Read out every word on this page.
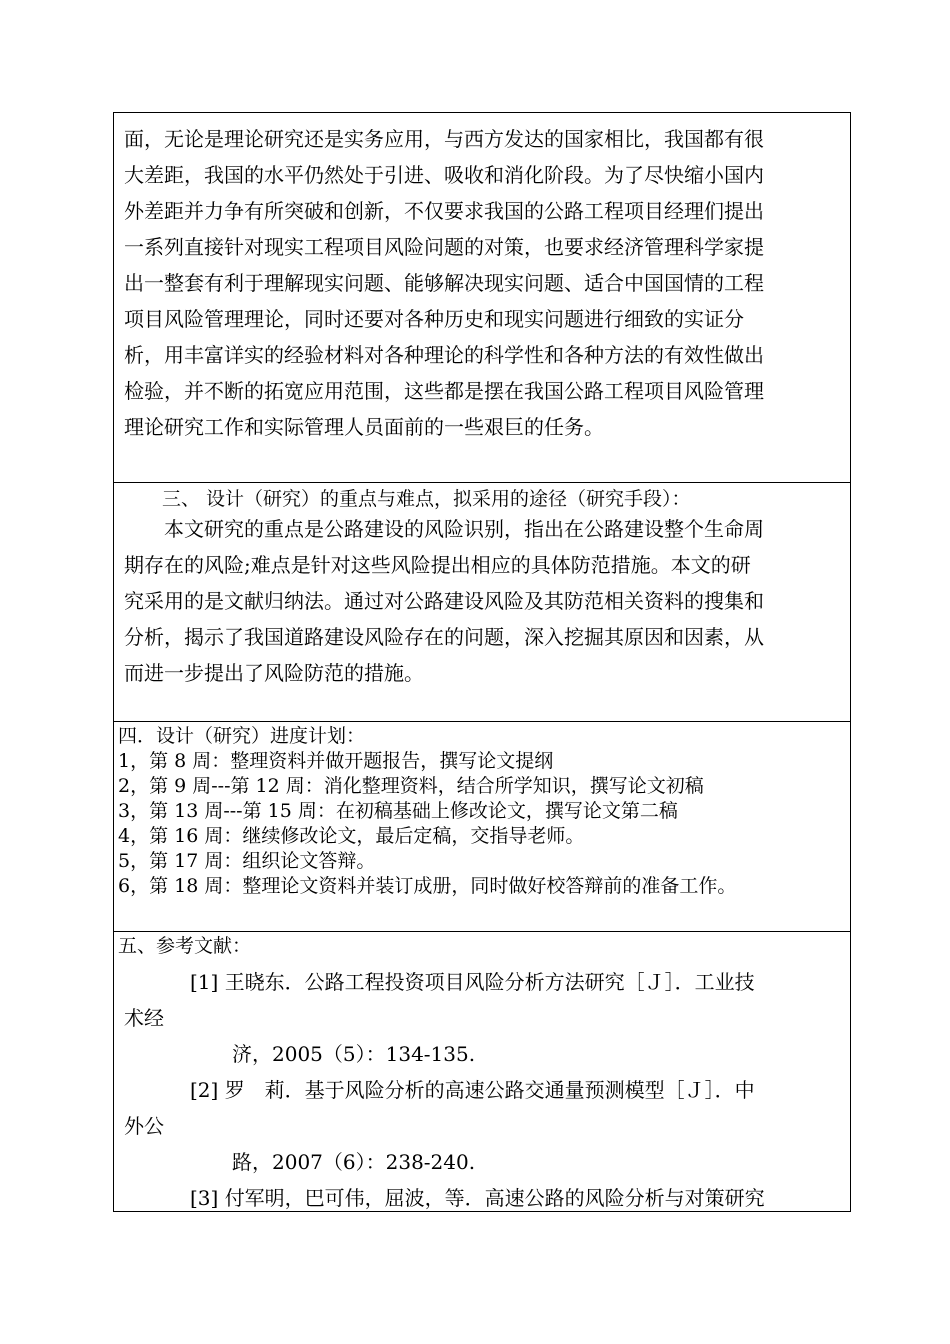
面，无论是理论研究还是实务应用，与西方发达的国家相比，我国都有很
大差距，我国的水平仍然处于引进、吸收和消化阶段。为了尽快缩小国内
外差距并力争有所突破和创新，不仅要求我国的公路工程项目经理们提出
一系列直接针对现实工程项目风险问题的对策，也要求经济管理科学家提
出一整套有利于理解现实问题、能够解决现实问题、适合中国国情的工程
项目风险管理理论，同时还要对各种历史和现实问题进行细致的实证分
析，用丰富详实的经验材料对各种理论的科学性和各种方法的有效性做出
检验，并不断的拓宽应用范围，这些都是摆在我国公路工程项目风险管理
理论研究工作和实际管理人员面前的一些艰巨的任务。
三、 设计（研究）的重点与难点，拟采用的途径（研究手段）：
本文研究的重点是公路建设的风险识别，指出在公路建设整个生命周
期存在的风险;难点是针对这些风险提出相应的具体防范措施。本文的研
究采用的是文献归纳法。通过对公路建设风险及其防范相关资料的搜集和
分析，揭示了我国道路建设风险存在的问题，深入挖掘其原因和因素，从
而进一步提出了风险防范的措施。
四．设计（研究）进度计划：
1，第 8 周：整理资料并做开题报告，撰写论文提纲
2，第 9 周---第 12 周：消化整理资料，结合所学知识，撰写论文初稿
3，第 13 周---第 15 周：在初稿基础上修改论文，撰写论文第二稿
4，第 16 周：继续修改论文，最后定稿，交指导老师。
5，第 17 周：组织论文答辩。
6，第 18 周：整理论文资料并装订成册，同时做好校答辩前的准备工作。
五、参考文献：
[1] 王晓东．公路工程投资项目风险分析方法研究［Ｊ］．工业技
术经
济，2005（5）：134-135.
[2] 罗　莉．基于风险分析的高速公路交通量预测模型［Ｊ］．中
外公
路，2007（6）：238-240.
[3] 付军明，巴可伟，屈波，等．高速公路的风险分析与对策研究
